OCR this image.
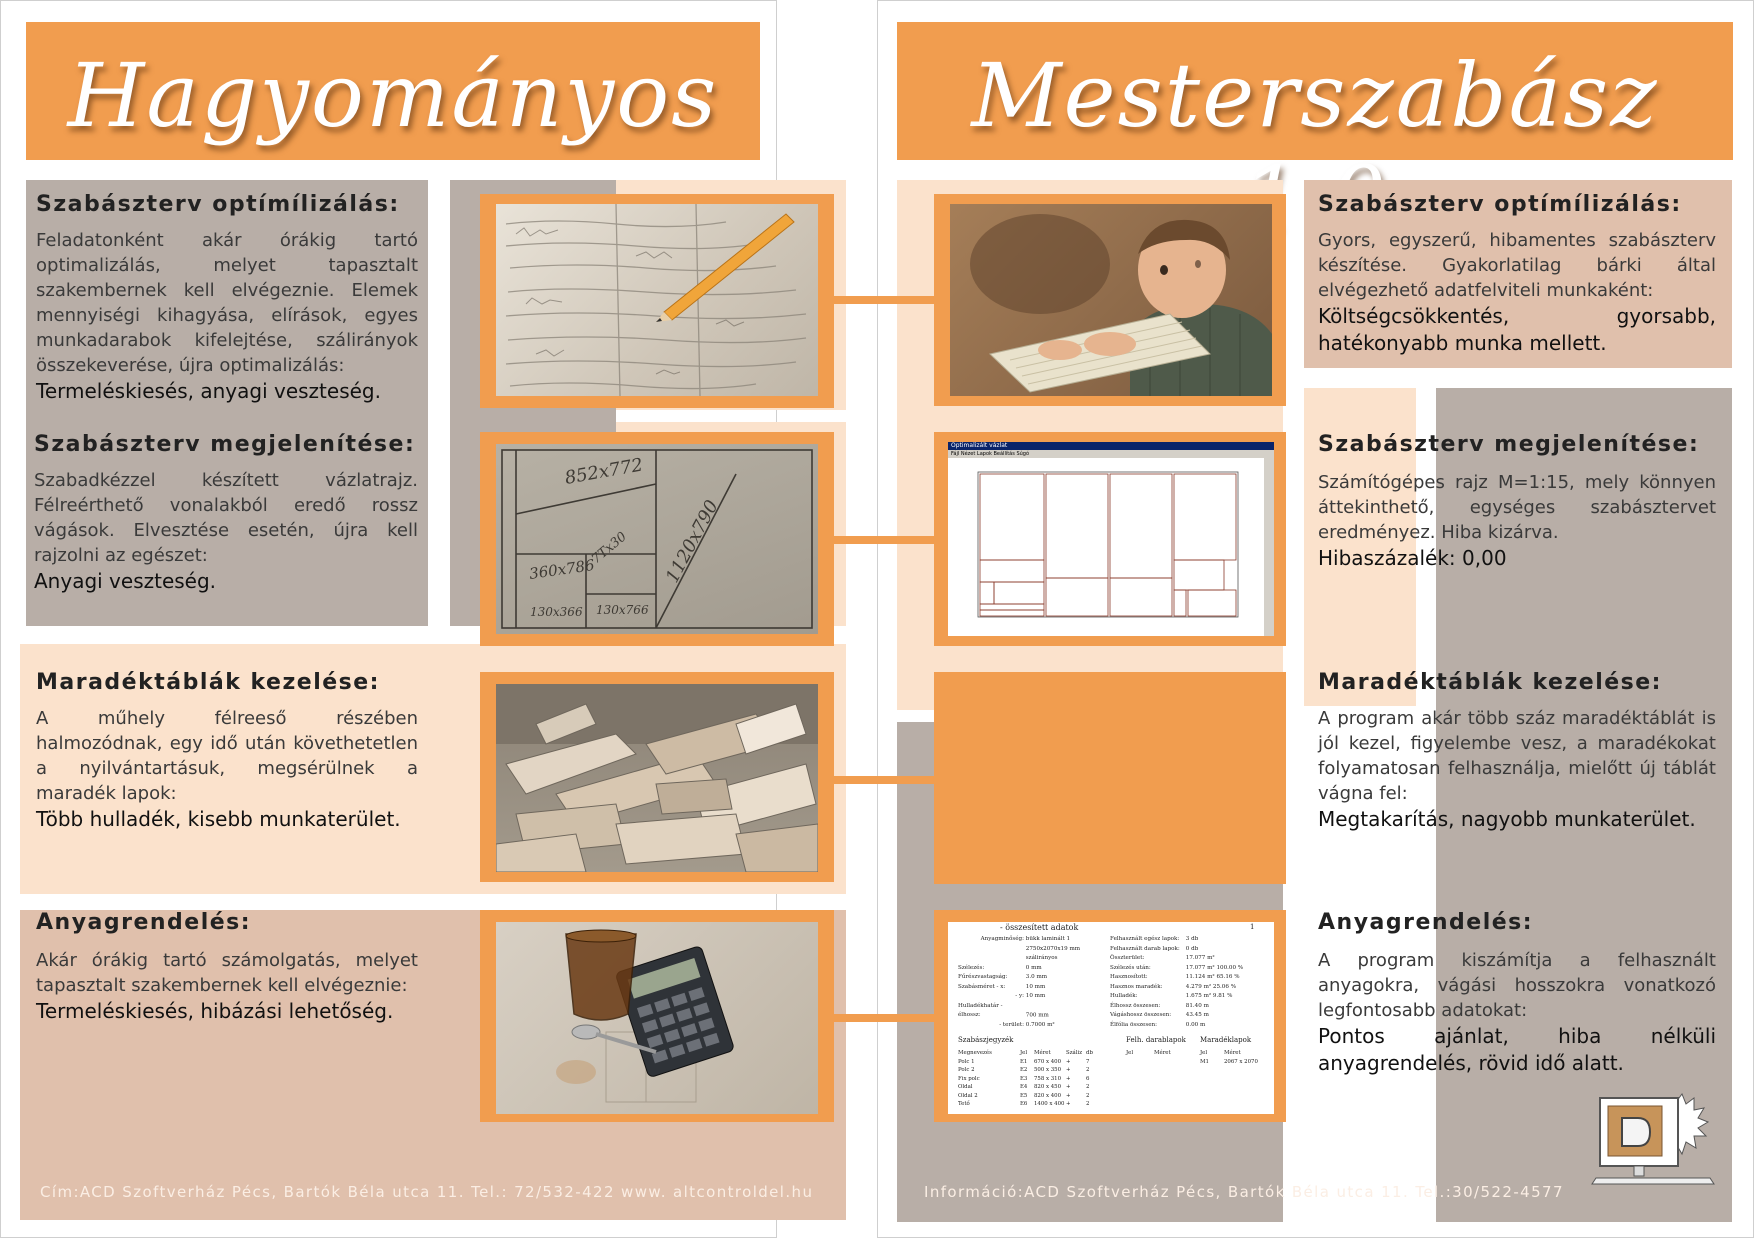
Hagyományos
852x772
360x786
7Tx30 1120x790
130x366 130x766
Szabászterv optímílizálás:

Feladatonként akár órákig tartó optimalizálás, melyet tapasztalt szakembernek kell elvégeznie. Elemek mennyiségi kihagyása, elírások, egyes munkadarabok kifelejtése, szálirányok összekeverése, újra optimalizálás:

Termeléskiesés, anyagi veszteség.

Szabászterv megjelenítése:

Szabadkézzel készített vázlatrajz. Félreérthető vonalakból eredő rossz vágások. Elvesztése esetén, újra kell rajzolni az egészet:

Anyagi veszteség.

Maradéktáblák kezelése:

A műhely félreeső részében halmozódnak, egy idő után követhetetlen a nyilvántartásuk, megsérülnek a maradék lapok:

Több hulladék, kisebb munkaterület.

Anyagrendelés:

Akár órákig tartó számolgatás, melyet tapasztalt szakembernek kell elvégeznie:

Termeléskiesés, hibázási lehetőség.

Cím:ACD Szoftverház Pécs, Bartók Béla utca 11. Tel.: 72/532-422 www. altcontroldel.hu
Mesterszabász
Optimalizált vázlat
Fájl Nézet Lapok Beállítás Súgó
- összesített adatok	1
Anyagminőség: bükk laminált 1
2750x2070x19 mm
szálirányos
Szélezés:	0 mm
Fűrészvastagság:	3.0 mm
Szabásméret - x:	10 mm
- y: 10 mm
Hulladékhatár - élhossz:	700 mm
- terület: 0.7000 m²
Felhasznált egész lapok: 3 db
Felhasznált darab lapok: 0 db
Összterület:	17.077 m²
Szélezés után:	17.077 m² 100.00 %
Hasznosított:	11.124 m² 65.16 %
Hasznos maradék:	4.279 m² 25.06 %
Hulladék:	1.675 m² 9.81 %
Élhossz összesen:	81.40 m
Vágáshossz összesen:	43.45 m
Élfólia összesen:	0.00 m
Szabászjegyzék	Felh. darablapok Maradéklapok
Megnevezés	Jel Méret	Száliz db
Polc 1	E1 670 x 400 +	7
Polc 2	E2 500 x 350 +	2
Fix polc	E3 758 x 310 +	6
Oldal	E4 820 x 450 +	2
Oldal 2	E5 820 x 400 +	2
Tető	E6 1400 x 400 +	2
Jel	Méret	Jel	Méret
M1	2067 x 2070
Szabászterv optímílizálás:

Gyors, egyszerű, hibamentes szabászterv készítése. Gyakorlatilag bárki által elvégezhető adatfelviteli munkaként:

Költségcsökkentés, gyorsabb, hatékonyabb munka mellett.

Szabászterv megjelenítése:

Számítógépes rajz M=1:15, mely könnyen áttekinthető, egységes szabásztervet eredményez. Hiba kizárva.

Hibaszázalék: 0,00

Maradéktáblák kezelése:

A program akár több száz maradéktáblát is jól kezel, figyelembe vesz, a maradékokat folyamatosan felhasználja, mielőtt új táblát vágna fel:

Megtakarítás, nagyobb munkaterület.

Anyagrendelés:

A program kiszámítja a felhasznált anyagokra, vágási hosszokra vonatkozó legfontosabb adatokat:

Pontos ajánlat, hiba nélküli anyagrendelés, rövid idő alatt.

Információ:ACD Szoftverház Pécs, Bartók Béla utca 11. Tel.:30/522-4577
